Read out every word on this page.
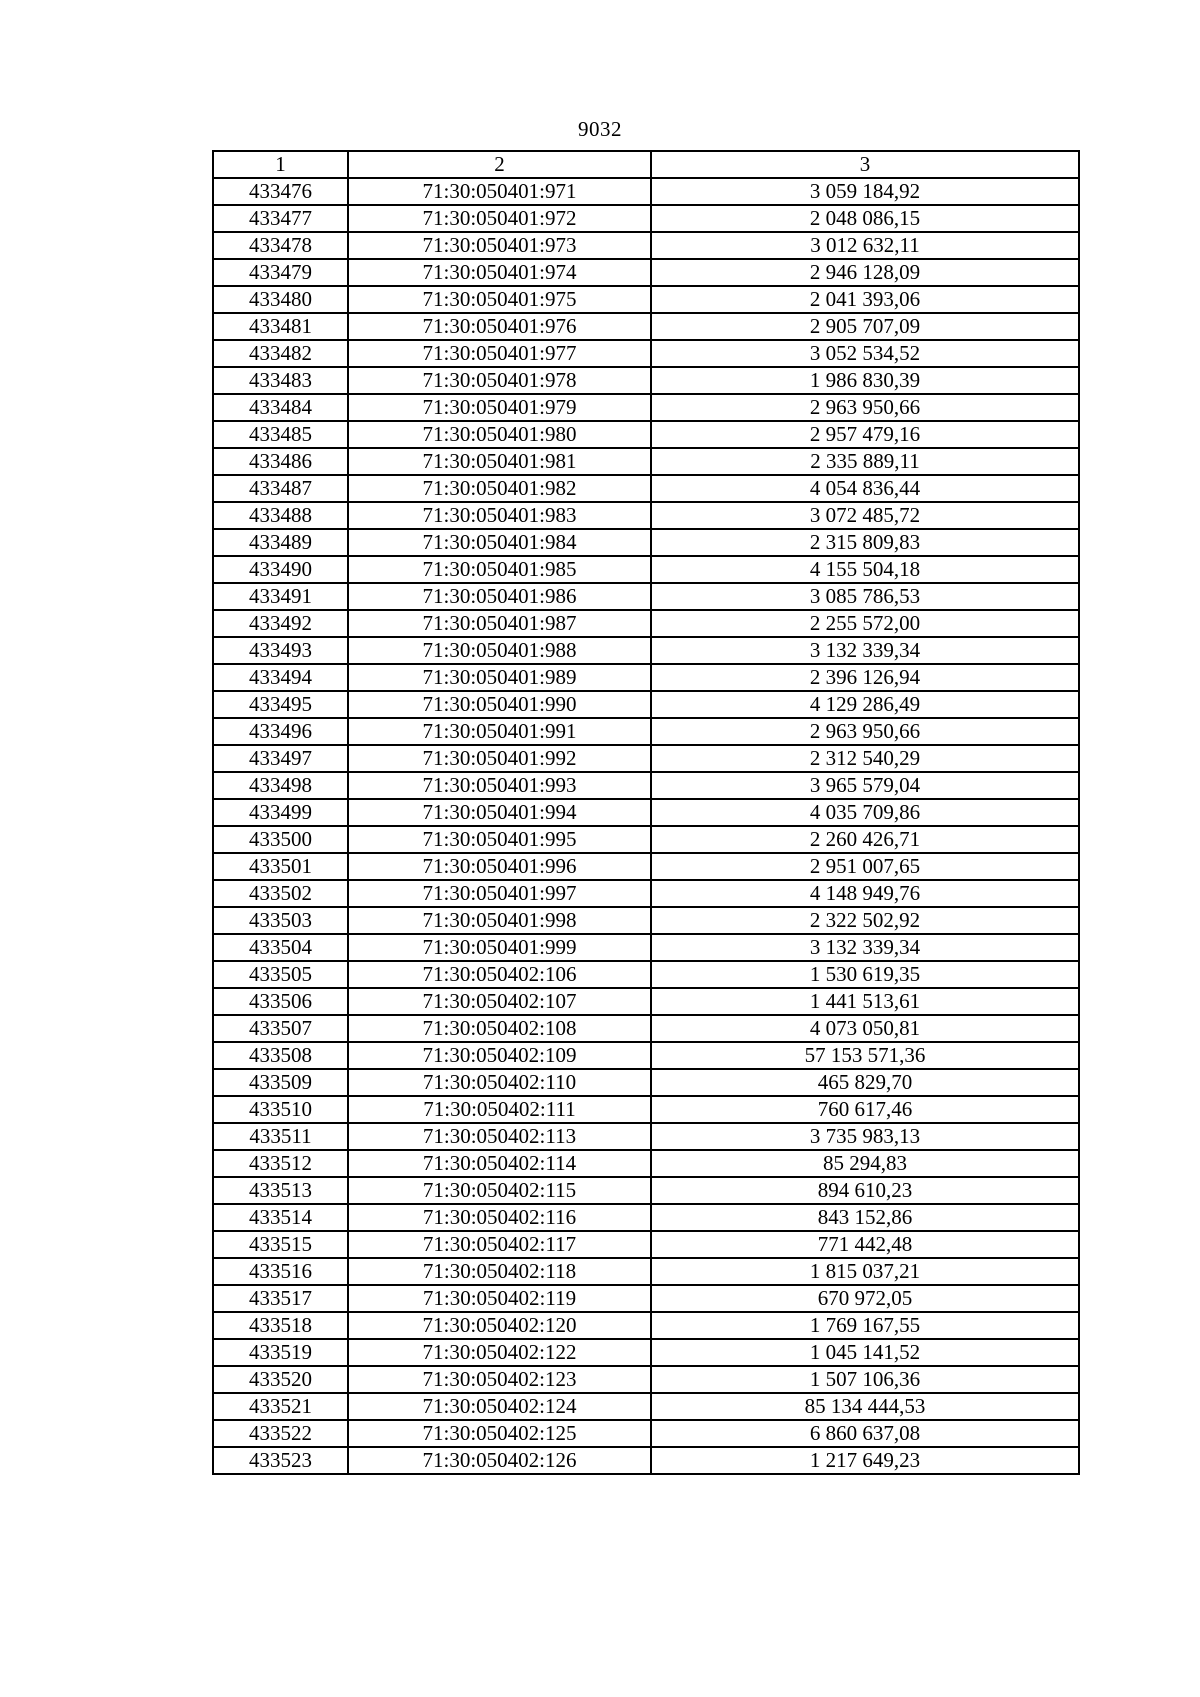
9032
1	2	3
433476	71:30:050401:971	3 059 184,92
433477	71:30:050401:972	2 048 086,15
433478	71:30:050401:973	3 012 632,11
433479	71:30:050401:974	2 946 128,09
433480	71:30:050401:975	2 041 393,06
433481	71:30:050401:976	2 905 707,09
433482	71:30:050401:977	3 052 534,52
433483	71:30:050401:978	1 986 830,39
433484	71:30:050401:979	2 963 950,66
433485	71:30:050401:980	2 957 479,16
433486	71:30:050401:981	2 335 889,11
433487	71:30:050401:982	4 054 836,44
433488	71:30:050401:983	3 072 485,72
433489	71:30:050401:984	2 315 809,83
433490	71:30:050401:985	4 155 504,18
433491	71:30:050401:986	3 085 786,53
433492	71:30:050401:987	2 255 572,00
433493	71:30:050401:988	3 132 339,34
433494	71:30:050401:989	2 396 126,94
433495	71:30:050401:990	4 129 286,49
433496	71:30:050401:991	2 963 950,66
433497	71:30:050401:992	2 312 540,29
433498	71:30:050401:993	3 965 579,04
433499	71:30:050401:994	4 035 709,86
433500	71:30:050401:995	2 260 426,71
433501	71:30:050401:996	2 951 007,65
433502	71:30:050401:997	4 148 949,76
433503	71:30:050401:998	2 322 502,92
433504	71:30:050401:999	3 132 339,34
433505	71:30:050402:106	1 530 619,35
433506	71:30:050402:107	1 441 513,61
433507	71:30:050402:108	4 073 050,81
433508	71:30:050402:109	57 153 571,36
433509	71:30:050402:110	465 829,70
433510	71:30:050402:111	760 617,46
433511	71:30:050402:113	3 735 983,13
433512	71:30:050402:114	85 294,83
433513	71:30:050402:115	894 610,23
433514	71:30:050402:116	843 152,86
433515	71:30:050402:117	771 442,48
433516	71:30:050402:118	1 815 037,21
433517	71:30:050402:119	670 972,05
433518	71:30:050402:120	1 769 167,55
433519	71:30:050402:122	1 045 141,52
433520	71:30:050402:123	1 507 106,36
433521	71:30:050402:124	85 134 444,53
433522	71:30:050402:125	6 860 637,08
433523	71:30:050402:126	1 217 649,23
